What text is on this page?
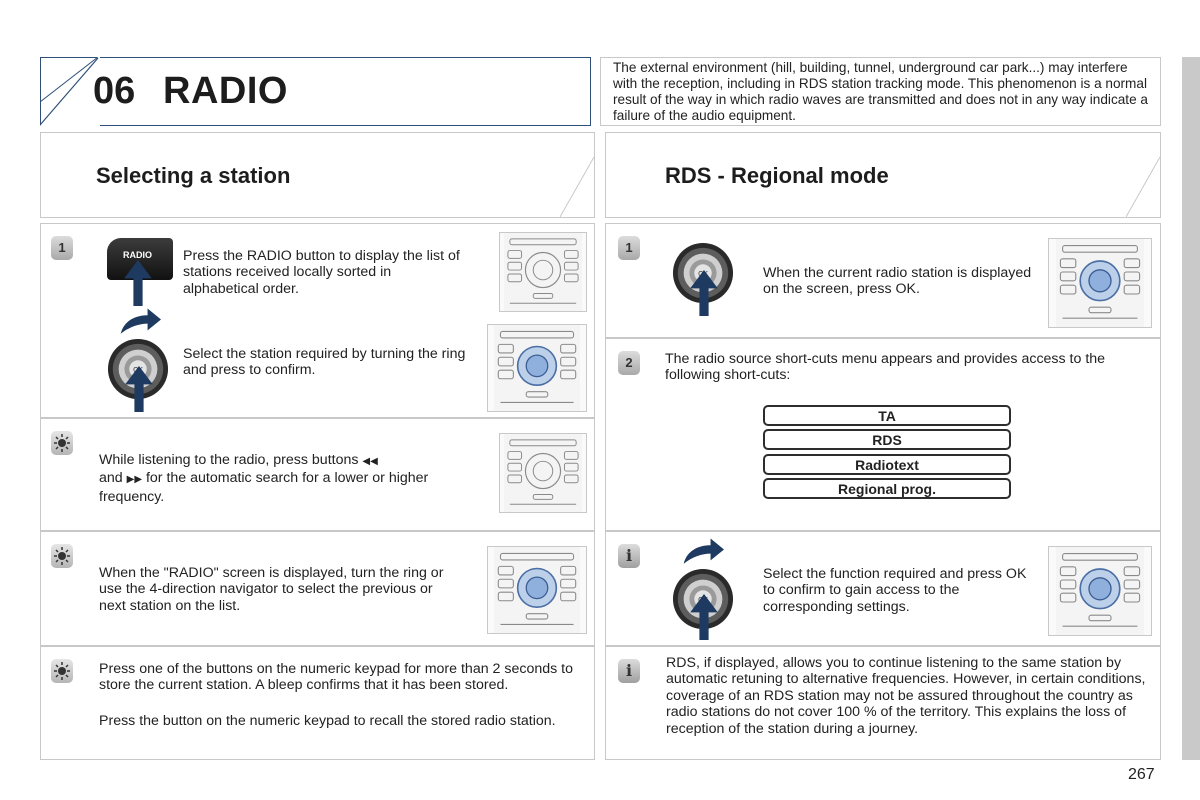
06 RADIO
The external environment (hill, building, tunnel, underground car park...) may interfere with the reception, including in RDS station tracking mode. This phenomenon is a normal result of the way in which radio waves are transmitted and does not in any way indicate a failure of the audio equipment.
Selecting a station
1	RADIO Press the RADIO button to display the list of stations received locally sorted in alphabetical order.
Select the station required by turning the ring and press to confirm.
While listening to the radio, press buttons ◀◀
and ▶▶ for the automatic search for a lower or higher frequency.
When the "RADIO" screen is displayed, turn the ring or use the 4-direction navigator to select the previous or next station on the list.
Press one of the buttons on the numeric keypad for more than 2 seconds to store the current station. A bleep confirms that it has been stored.
Press the button on the numeric keypad to recall the stored radio station.
RDS - Regional mode
1
When the current radio station is displayed on the screen, press OK.
2	The radio source short-cuts menu appears and provides access to the following short-cuts:
TA
RDS
Radiotext
Regional prog.
i
Select the function required and press OK to confirm to gain access to the corresponding settings.
i	RDS, if displayed, allows you to continue listening to the same station by automatic retuning to alternative frequencies. However, in certain conditions, coverage of an RDS station may not be assured throughout the country as radio stations do not cover 100 % of the territory. This explains the loss of reception of the station during a journey.
267
